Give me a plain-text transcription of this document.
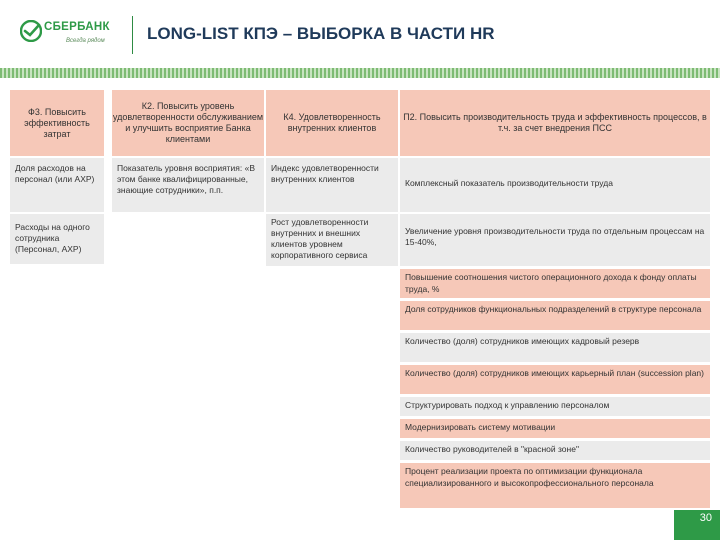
СБЕРБАНК
Всегда рядом LONG-LIST КПЭ – ВЫБОРКА В ЧАСТИ HR
Ф3. Повысить эффективность затрат
К2. Повысить уровень удовлетворенности обслуживанием и улучшить восприятие Банка клиентами
К4. Удовлетворенность внутренних клиентов
П2. Повысить производительность труда и эффективность процессов, в т.ч. за счет внедрения ПСС
Доля расходов на персонал (или АХР)
Расходы на одного сотрудника (Персонал, АХР)
Показатель уровня восприятия: «В этом банке квалифицированные, знающие сотрудники», п.п.
Индекс удовлетворенности внутренних клиентов
Рост удовлетворенности внутренних и внешних клиентов уровнем корпоративного сервиса
Комплексный показатель производительности труда
Увеличение уровня производительности труда по отдельным процессам на 15-40%,
Повышение соотношения чистого операционного дохода к фонду оплаты труда, %
Доля сотрудников функциональных подразделений в структуре персонала
Количество (доля) сотрудников имеющих кадровый резерв
Количество (доля) сотрудников имеющих карьерный план (succession plan)
Структурировать подход к управлению персоналом
Модернизировать систему мотивации
Количество руководителей в "красной зоне"
Процент реализации проекта по оптимизации функционала специализированного и высокопрофессионального персонала
30
